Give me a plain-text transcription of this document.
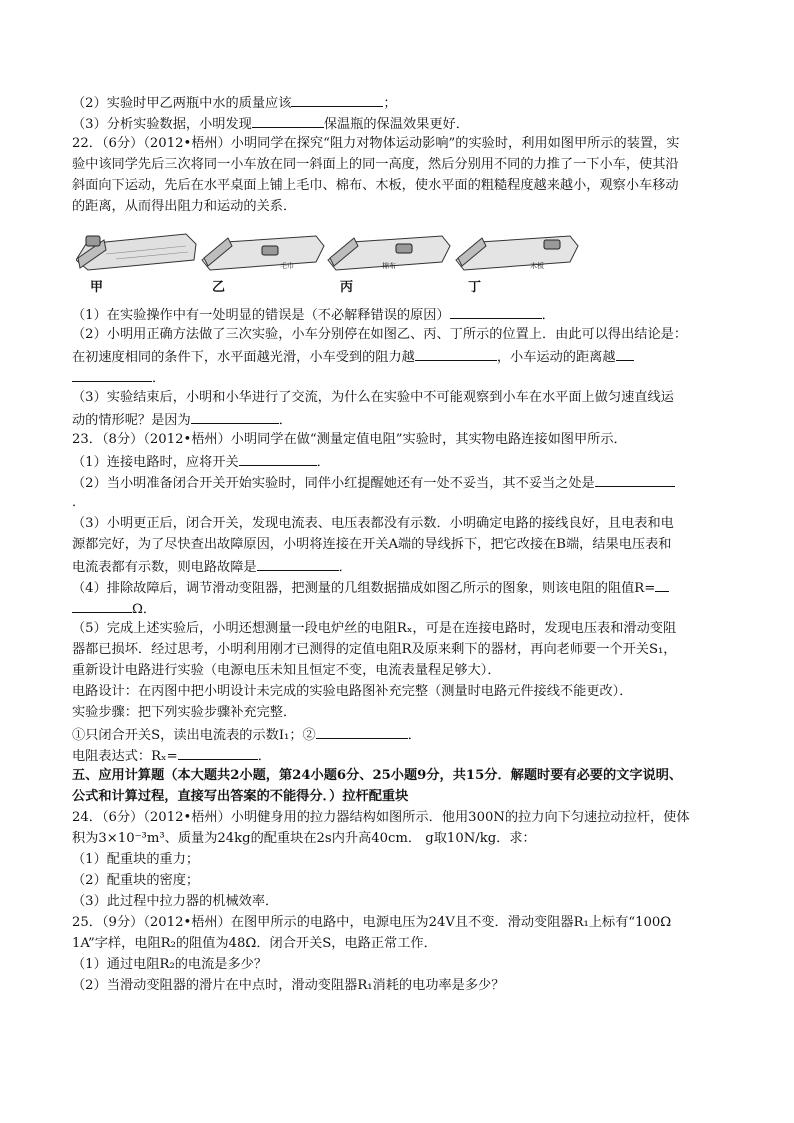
（2）实验时甲乙两瓶中水的质量应该	；
（3）分析实验数据，小明发现	保温瓶的保温效果更好．
22．（6分）（2012•梧州）小明同学在探究“阻力对物体运动影响”的实验时，利用如图甲所示的装置，实
验中该同学先后三次将同一小车放在同一斜面上的同一高度，然后分别用不同的力推了一下小车，使其沿
斜面向下运动，先后在水平桌面上铺上毛巾、棉布、木板，使水平面的粗糙程度越来越小，观察小车移动
的距离，从而得出阻力和运动的关系．
毛巾	棉布	木板
甲	乙	丙	丁
（1）在实验操作中有一处明显的错误是（不必解释错误的原因）	．
（2）小明用正确方法做了三次实验，小车分别停在如图乙、丙、丁所示的位置上．由此可以得出结论是：
在初速度相同的条件下，水平面越光滑，小车受到的阻力越	，小车运动的距离越
．
（3）实验结束后，小明和小华进行了交流，为什么在实验中不可能观察到小车在水平面上做匀速直线运
动的情形呢？是因为	．
23．（8分）（2012•梧州）小明同学在做“测量定值电阻”实验时，其实物电路连接如图甲所示．
（1）连接电路时，应将开关	．
（2）当小明准备闭合开关开始实验时，同伴小红提醒她还有一处不妥当，其不妥当之处是
．
（3）小明更正后，闭合开关，发现电流表、电压表都没有示数．小明确定电路的接线良好，且电表和电
源都完好，为了尽快查出故障原因，小明将连接在开关A端的导线拆下，把它改接在B端，结果电压表和
电流表都有示数，则电路故障是	．
（4）排除故障后，调节滑动变阻器，把测量的几组数据描成如图乙所示的图象，则该电阻的阻值R=
Ω．
（5）完成上述实验后，小明还想测量一段电炉丝的电阻Rₓ，可是在连接电路时，发现电压表和滑动变阻
器都已损坏．经过思考，小明利用刚才已测得的定值电阻R及原来剩下的器材，再向老师要一个开关S₁，
重新设计电路进行实验（电源电压未知且恒定不变，电流表量程足够大）．
电路设计：在丙图中把小明设计未完成的实验电路图补充完整（测量时电路元件接线不能更改）．
实验步骤：把下列实验步骤补充完整．
①只闭合开关S，读出电流表的示数I₁；②	．
电阻表达式：Rₓ=	．
五、应用计算题（本大题共2小题，第24小题6分、25小题9分，共15分．解题时要有必要的文字说明、
公式和计算过程，直接写出答案的不能得分．）拉杆配重块
24．（6分）（2012•梧州）小明健身用的拉力器结构如图所示．他用300N的拉力向下匀速拉动拉杆，使体
积为3×10⁻³m³、质量为24kg的配重块在2s内升高40cm． g取10N/kg．求：
（1）配重块的重力；
（2）配重块的密度；
（3）此过程中拉力器的机械效率．
25．（9分）（2012•梧州）在图甲所示的电路中，电源电压为24V且不变．滑动变阻器R₁上标有“100Ω
1A”字样，电阻R₂的阻值为48Ω．闭合开关S，电路正常工作．
（1）通过电阻R₂的电流是多少？
（2）当滑动变阻器的滑片在中点时，滑动变阻器R₁消耗的电功率是多少？
